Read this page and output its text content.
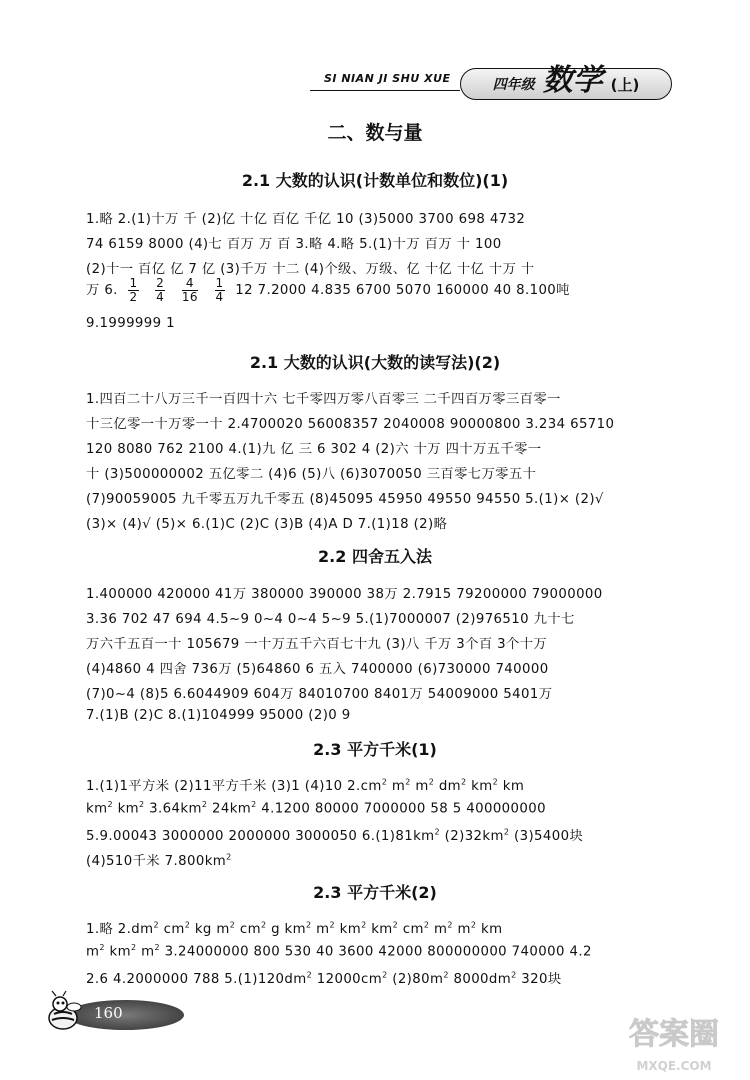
SI NIAN JI SHU XUE	四年级 数学 (上)
二、数与量
2.1 大数的认识(计数单位和数位)(1)
1.略 2.(1)十万 千 (2)亿 十亿 百亿 千亿 10 (3)5000 3700 698 4732
74 6159 8000 (4)七 百万 万 百 3.略 4.略 5.(1)十万 百万 十 100
(2)十一 百亿 亿 7 亿 (3)千万 十二 (4)个级、万级、亿 十亿 十亿 十万 十
万 6. $\frac{1}{2}$
$\frac{2}{4}$
$\frac{4}{16}$
$\frac{1}{4} 12$ 7.2000 4.835 6700 5070 160000 40 8.100吨
9.1999999 1
2.1 大数的认识(大数的读写法)(2)
1.四百二十八万三千一百四十六 七千零四万零八百零三 二千四百万零三百零一
十三亿零一十万零一十 2.4700020 56008357 2040008 90000800 3.234 65710
120 8080 762 2100 4.(1)九 亿 三 6 302 4 (2)六 十万 四十万五千零一
十 (3)500000002 五亿零二 (4)6 (5)八 (6)3070050 三百零七万零五十
(7)90059005 九千零五万九千零五 (8)45095 45950 49550 94550 5.(1)× (2)√
(3)× (4)√ (5)× 6.(1)C (2)C (3)B (4)A D 7.(1)18 (2)略
2.2 四舍五入法
1.400000 420000 41万 380000 390000 38万 2.7915 79200000 79000000
3.36 702 47 694 4.5~9 0~4 0~4 5~9 5.(1)7000007 (2)976510 九十七
万六千五百一十 105679 一十万五千六百七十九 (3)八 千万 3个百 3个十万
(4)4860 4 四舍 736万 (5)64860 6 五入 7400000 (6)730000 740000
(7)0~4 (8)5 6.6044909 604万 84010700 8401万 54009000 5401万
7.(1)B (2)C 8.(1)104999 95000 (2)0 9
2.3 平方千米(1)
1.(1)1平方米 (2)11平方千米 (3)1 (4)10 $2.cm^2$ $m^2$ $m^2$ $dm^2$ $km^2$ km
$km^2$ $km^2$ $3.64km^2$ $24km^2$ 4.1200 80000 7000000 58 5 400000000
5.9.00043 3000000 2000000 3000050 $6.(1)81km^2$ $(2)32km^2$ (3)5400块
(4)510千米 $7.800km^2$
2.3 平方千米(2)
1.略 $2.dm^2$ $cm^2$ kg $m^2$ $cm^2$ g $km^2$ $m^2$ $km^2$ $km^2$ $cm^2$ $m^2$ $m^2$ km
$m^2$ $km^2$ $m^2$ 3.24000000 800 530 40 3600 42000 800000000 740000 4.2
2.6 4.2000000 788 $5.(1)120dm^2$ $12000cm^2$ $(2)80m^2$ $8000dm^2$ 320块
160
答案圈
MXQE.COM
